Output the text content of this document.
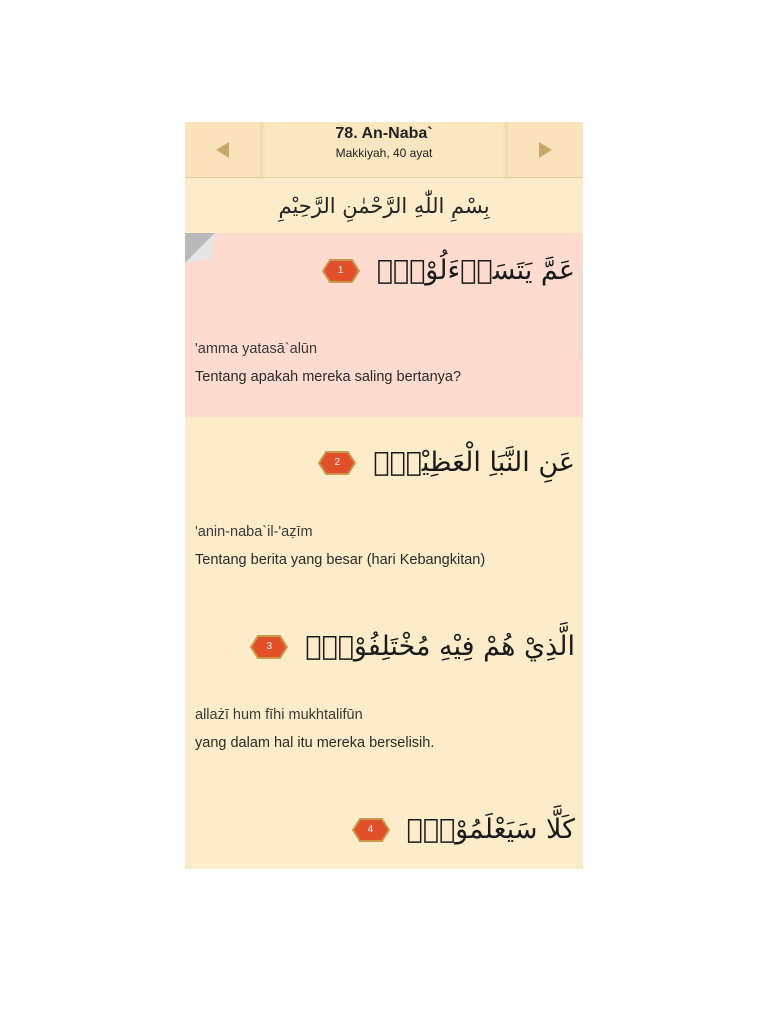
78. An-Naba`
Makkiyah, 40 ayat
بِسْمِ اللّٰهِ الرَّحْمٰنِ الرَّحِيْمِ
عَمَّ يَتَسَاۤءَلُوْنَۚ
1
'amma yatasā`alūn
Tentang apakah mereka saling bertanya?
عَنِ النَّبَاِ الْعَظِيْمِۙ
2
'anin-naba`il-'aẓīm
Tentang berita yang besar (hari Kebangkitan)
الَّذِيْ هُمْ فِيْهِ مُخْتَلِفُوْنَۗ
3
allażī hum fīhi mukhtalifūn
yang dalam hal itu mereka berselisih.
كَلَّا سَيَعْلَمُوْنَۙ
4
